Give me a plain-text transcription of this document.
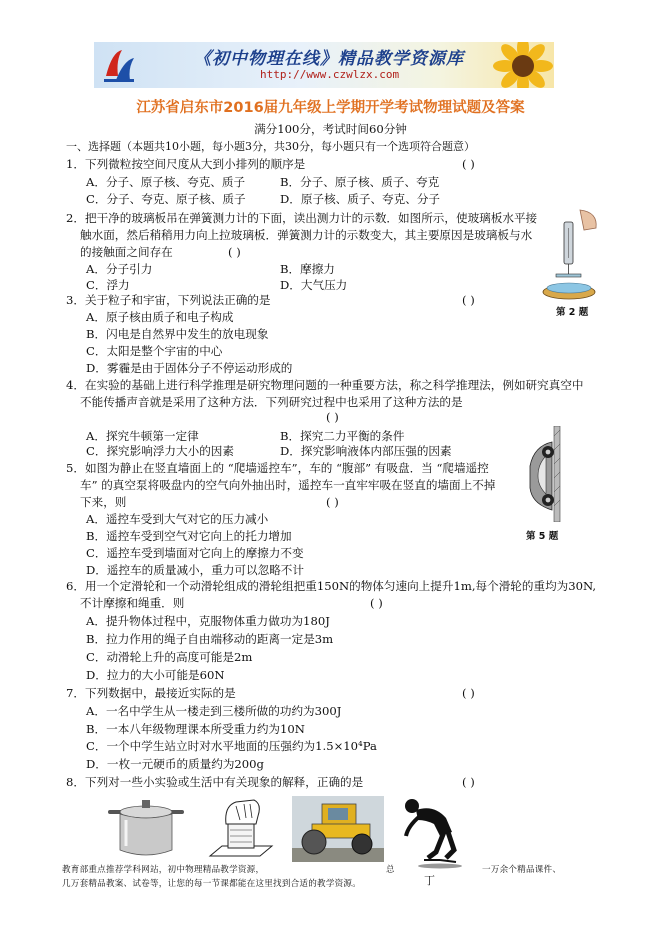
《初中物理在线》精品教学资源库
http://www.czwlzx.com
江苏省启东市2016届九年级上学期开学考试物理试题及答案
满分100分，考试时间60分钟
一、选择题（本题共10小题，每小题3分，共30分，每小题只有一个选项符合题意）
1．下列微粒按空间尺度从大到小排列的顺序是	( )
A．分子、原子核、夸克、质子	B．分子、原子核、质子、夸克
C．分子、夸克、原子核、质子	D．原子核、质子、夸克、分子
2．把干净的玻璃板吊在弹簧测力计的下面，读出测力计的示数．如图所示，使玻璃板水平接
触水面，然后稍稍用力向上拉玻璃板．弹簧测力计的示数变大，其主要原因是玻璃板与水
的接触面之间存在	( )
A．分子引力	B．摩擦力
C．浮力	D．大气压力
第 2 题
3．关于粒子和宇宙，下列说法正确的是	( )
A．原子核由质子和电子构成
B．闪电是自然界中发生的放电现象
C．太阳是整个宇宙的中心
D．雾霾是由于固体分子不停运动形成的
4．在实验的基础上进行科学推理是研究物理问题的一种重要方法，称之科学推理法，例如研究真空中
不能传播声音就是采用了这种方法．下列研究过程中也采用了这种方法的是
( )
A．探究牛顿第一定律	B．探究二力平衡的条件
C．探究影响浮力大小的因素	D．探究影响液体内部压强的因素
5．如图为静止在竖直墙面上的 “爬墙遥控车”，车的 “腹部” 有吸盘．当 “爬墙遥控
车” 的真空泵将吸盘内的空气向外抽出时，遥控车一直牢牢吸在竖直的墙面上不掉
下来，则	( )
A．遥控车受到大气对它的压力减小
B．遥控车受到空气对它向上的托力增加
C．遥控车受到墙面对它向上的摩擦力不变
D．遥控车的质量减小，重力可以忽略不计
第 5 题
6．用一个定滑轮和一个动滑轮组成的滑轮组把重150N的物体匀速向上提升1m,每个滑轮的重均为30N,
不计摩擦和绳重．则	( )
A．提升物体过程中，克服物体重力做功为180J
B．拉力作用的绳子自由端移动的距离一定是3m
C．动滑轮上升的高度可能是2m
D．拉力的大小可能是60N
7．下列数据中，最接近实际的是	( )
A．一名中学生从一楼走到三楼所做的功约为300J
B．一本八年级物理课本所受重力约为10N
C．一个中学生站立时对水平地面的压强约为1.5×10⁴Pa
D．一枚一元硬币的质量约为200g
8．下列对一些小实验或生活中有关现象的解释，正确的是	( )
丁
教育部重点推荐学科网站，初中物理精品教学资源，	总	一万余个精品课件、
几万套精品教案、试卷等，让您的每一节课都能在这里找到合适的教学资源。
